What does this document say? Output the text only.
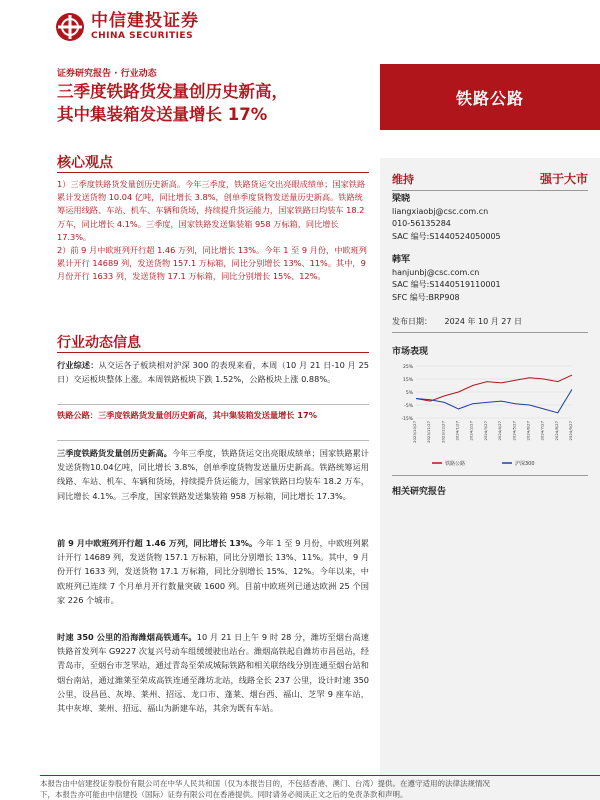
中信建投证券
CHINA SECURITIES
证券研究报告 · 行业动态
三季度铁路货发量创历史新高，
其中集装箱发送量增长 17%
铁路公路
核心观点

1）三季度铁路货发量创历史新高。今年三季度，铁路货运交出亮眼成绩单；国家铁路累计发送货物 10.04 亿吨，同比增长 3.8%，创单季度货物发送量历史新高。铁路统筹运用线路、车站、机车、车辆和货场，持续提升货运能力，国家铁路日均装车 18.2 万车，同比增长 4.1%。三季度，国家铁路发送集装箱 958 万标箱，同比增长 17.3%。

2）前 9 月中欧班列开行超 1.46 万列，同比增长 13%。今年 1 至 9 月份，中欧班列累计开行 14689 列，发送货物 157.1 万标箱，同比分别增长 13%、11%。其中，9 月份开行 1633 列，发送货物 17.1 万标箱，同比分别增长 15%、12%。

行业动态信息
行业综述：从交运各子板块相对沪深 300 的表现来看，本周（10 月 21 日-10 月 25 日）交运板块整体上涨。本周铁路板块下跌 1.52%，公路板块上涨 0.88%。
铁路公路：三季度铁路货发量创历史新高，其中集装箱发送量增长 17%
三季度铁路货发量创历史新高。今年三季度，铁路货运交出亮眼成绩单；国家铁路累计发送货物10.04亿吨，同比增长 3.8%，创单季度货物发送量历史新高。铁路统筹运用线路、车站、机车、车辆和货场，持续提升货运能力，国家铁路日均装车 18.2 万车，同比增长 4.1%。三季度，国家铁路发送集装箱 958 万标箱，同比增长 17.3%。
前 9 月中欧班列开行超 1.46 万列，同比增长 13%。今年 1 至 9 月份，中欧班列累计开行 14689 列，发送货物 157.1 万标箱，同比分别增长 13%、11%。其中，9 月份开行 1633 列，发送货物 17.1 万标箱，同比分别增长 15%、12%。今年以来，中欧班列已连续 7 个月单月开行数量突破 1600 列。目前中欧班列已通达欧洲 25 个国家 226 个城市。
时速 350 公里的沿海潍烟高铁通车。10 月 21 日上午 9 时 28 分，潍坊至烟台高速铁路首发列车 G9227 次复兴号动车组缓缓驶出站台。潍烟高铁起自潍坊市昌邑站，经青岛市，至烟台市芝罘站，通过青岛至荣成城际铁路和相关联络线分别连通至烟台站和烟台南站，通过潍莱至荣成高铁连通至潍坊北站，线路全长 237 公里，设计时速 350 公里，设昌邑、灰埠、莱州、招远、龙口市、蓬莱、烟台西、福山、芝罘 9 座车站，其中灰埠、莱州、招远、福山为新建车站，其余为既有车站。
维持	强于大市
梁晓
liangxiaobj@csc.com.cn
010-56135284
SAC 编号:S1440524050005
韩军
hanjunbj@csc.com.cn
SAC 编号:S1440519110001
SFC 编号:BRP908
发布日期： 2024 年 10 月 27 日
市场表现
25%
15%
5%
-5%
-15%
2023/10/27 2023/11/27 2023/12/27 2024/1/27 2024/2/27 2024/3/27 2024/4/27 2024/5/27 2024/6/27 2024/7/27 2024/8/27 2024/9/27
铁路公路	沪深300
相关研究报告
本报告由中信建投证券股份有限公司在中华人民共和国（仅为本报告目的，不包括香港、澳门、台湾）提供。在遵守适用的法律法规情况
下，本报告亦可能由中信建投（国际）证券有限公司在香港提供。同时请务必阅读正文之后的免责条款和声明。
